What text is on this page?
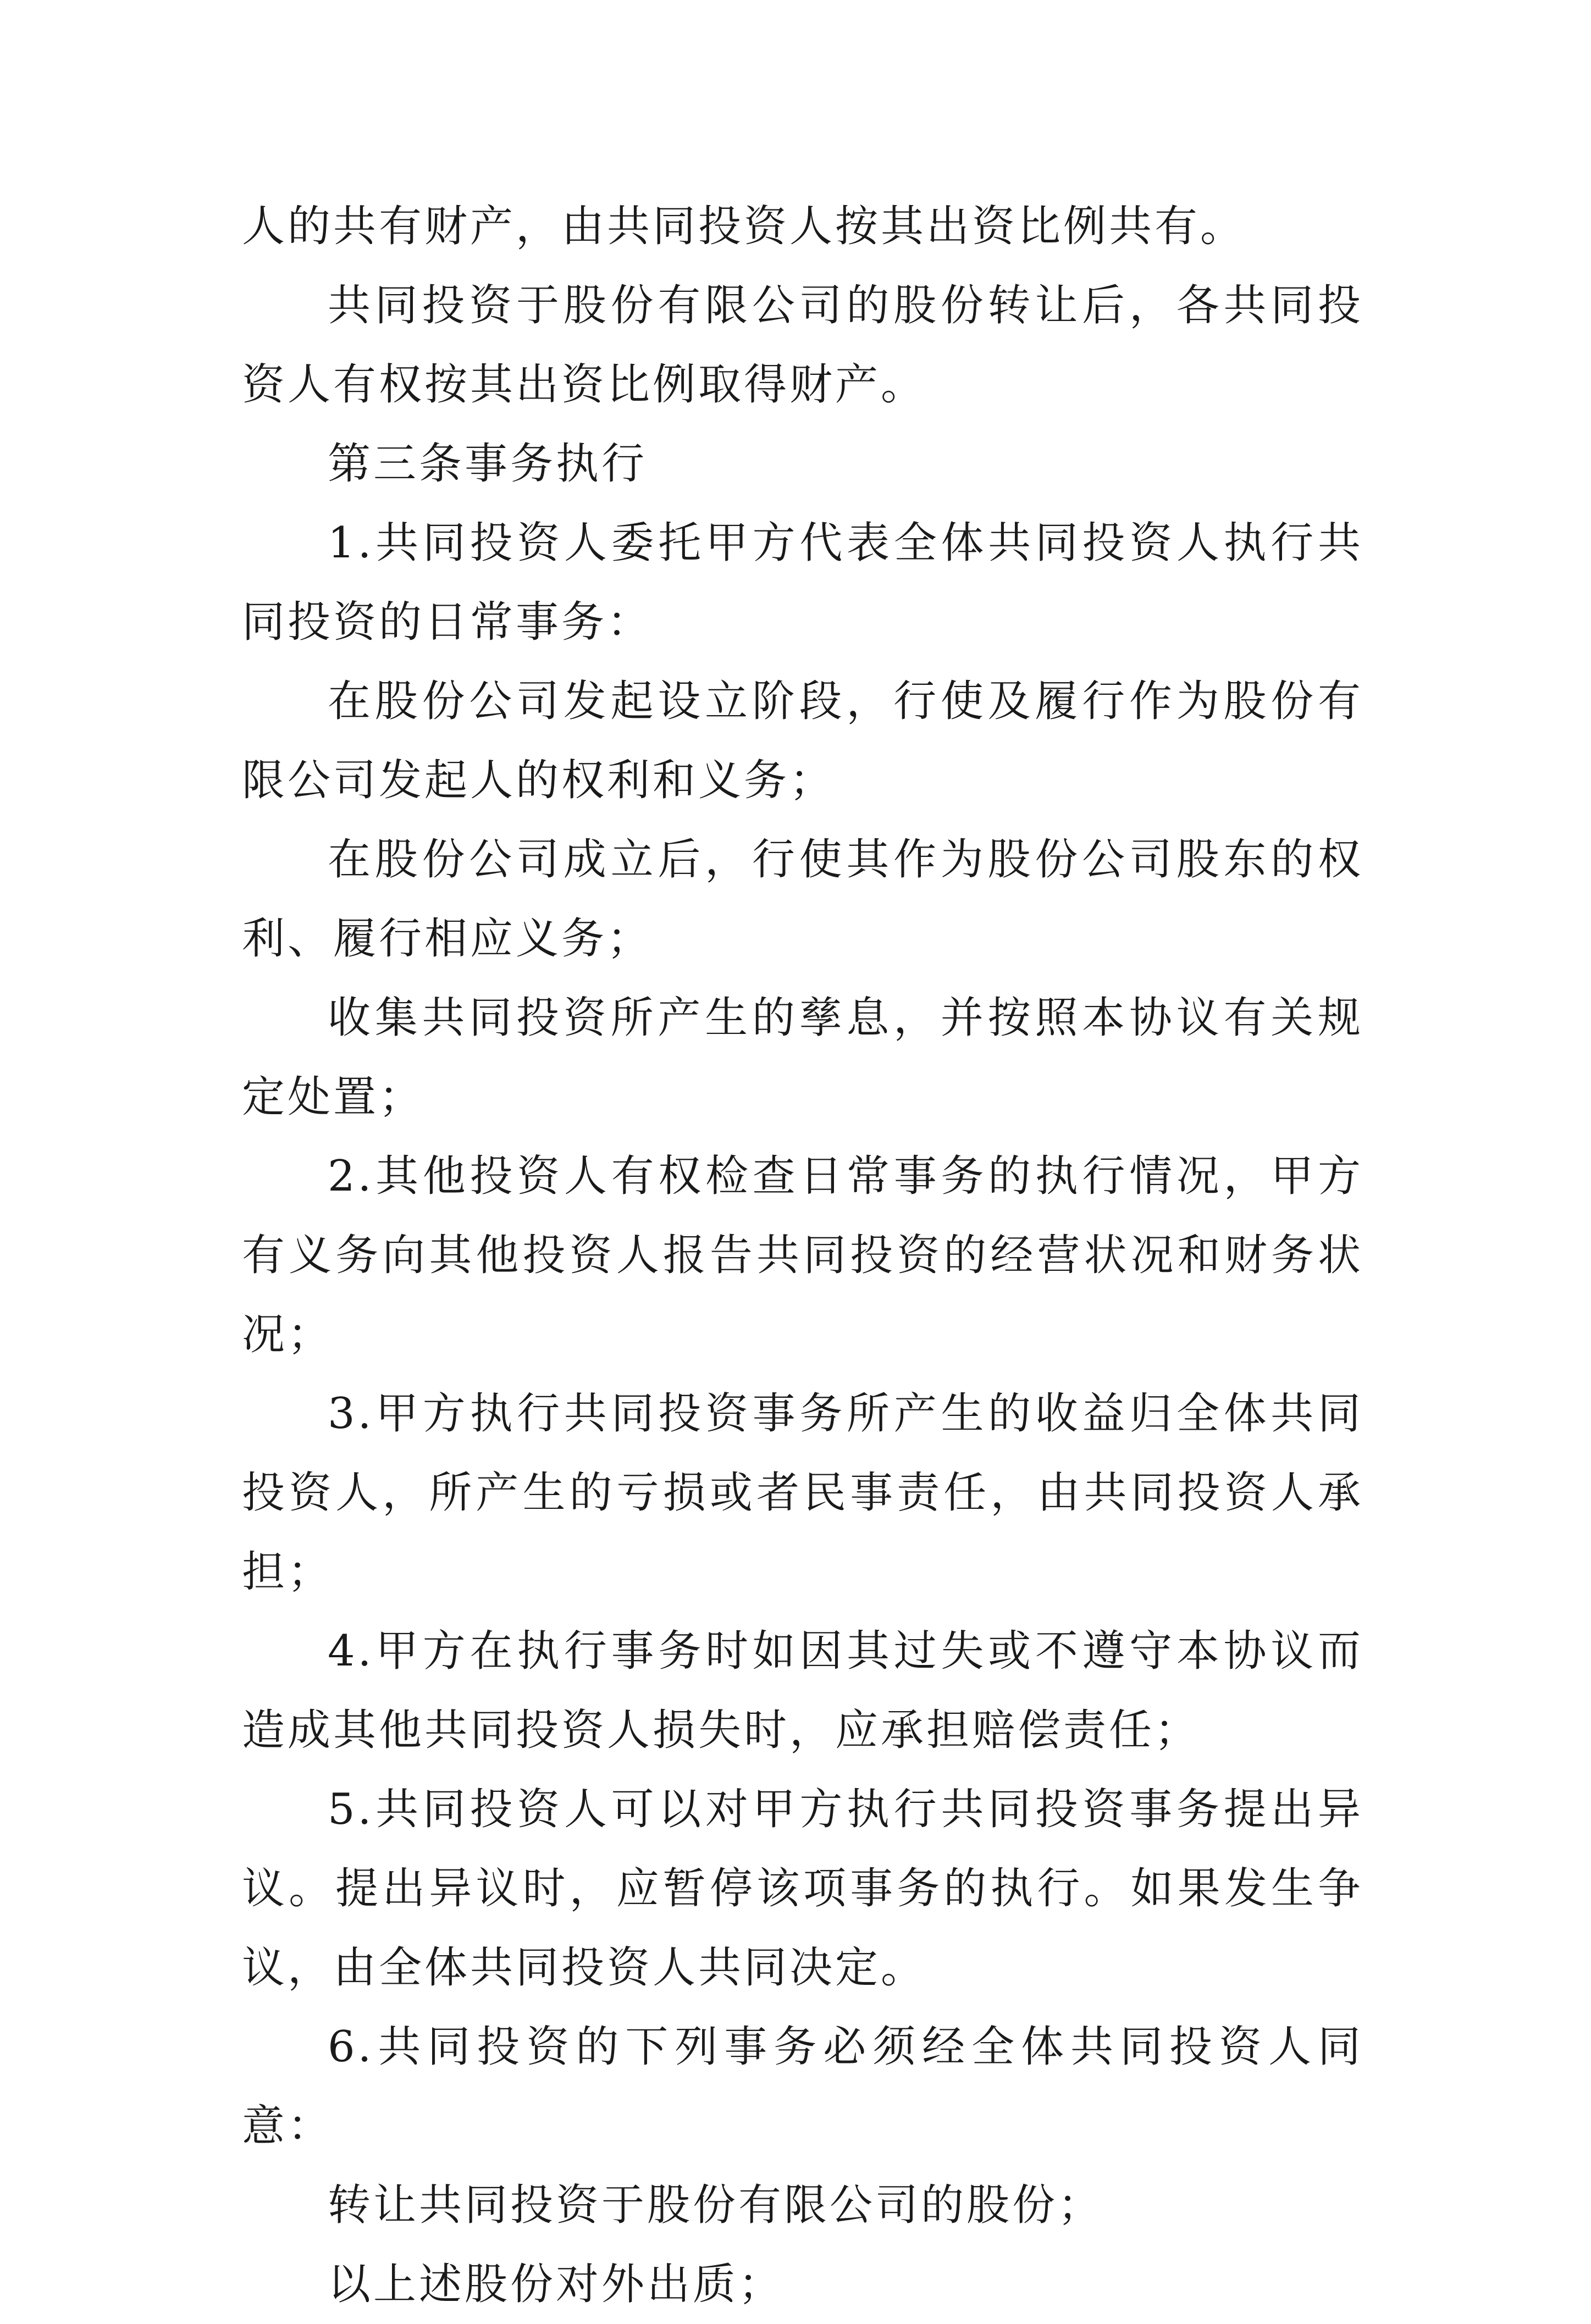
人的共有财产，由共同投资人按其出资比例共有。

共同投资于股份有限公司的股份转让后，各共同投资人有权按其出资比例取得财产。

第三条事务执行

1.共同投资人委托甲方代表全体共同投资人执行共同投资的日常事务：

在股份公司发起设立阶段，行使及履行作为股份有限公司发起人的权利和义务；

在股份公司成立后，行使其作为股份公司股东的权利、履行相应义务；

收集共同投资所产生的孳息，并按照本协议有关规定处置；

2.其他投资人有权检查日常事务的执行情况，甲方有义务向其他投资人报告共同投资的经营状况和财务状况；

3.甲方执行共同投资事务所产生的收益归全体共同投资人，所产生的亏损或者民事责任，由共同投资人承担；

4.甲方在执行事务时如因其过失或不遵守本协议而造成其他共同投资人损失时，应承担赔偿责任；

5.共同投资人可以对甲方执行共同投资事务提出异议。提出异议时，应暂停该项事务的执行。如果发生争议，由全体共同投资人共同决定。

6.共同投资的下列事务必须经全体共同投资人同意：

转让共同投资于股份有限公司的股份；

以上述股份对外出质；
